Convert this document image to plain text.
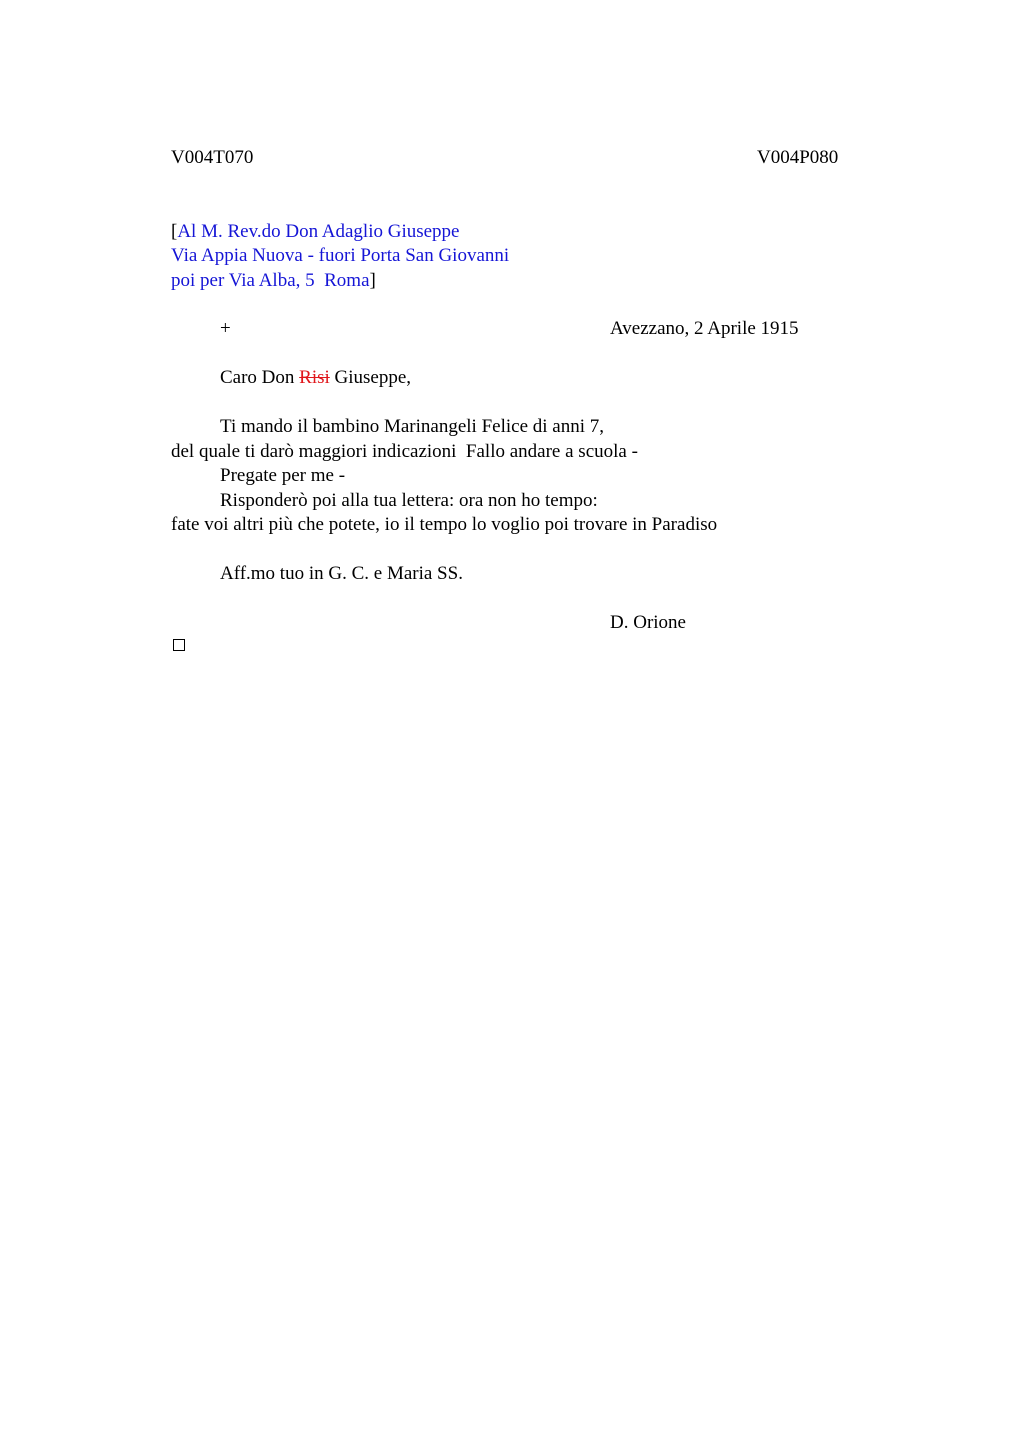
V004T070	V004P080
[Al M. Rev.do Don Adaglio Giuseppe
Via Appia Nuova - fuori Porta San Giovanni
poi per Via Alba, 5  Roma]
+	Avezzano, 2 Aprile 1915
Caro Don Risi Giuseppe,
Ti mando il bambino Marinangeli Felice di anni 7,
del quale ti darò maggiori indicazioni  Fallo andare a scuola -
Pregate per me -
Risponderò poi alla tua lettera: ora non ho tempo:
fate voi altri più che potete, io il tempo lo voglio poi trovare in Paradiso
Aff.mo tuo in G. C. e Maria SS.
D. Orione
